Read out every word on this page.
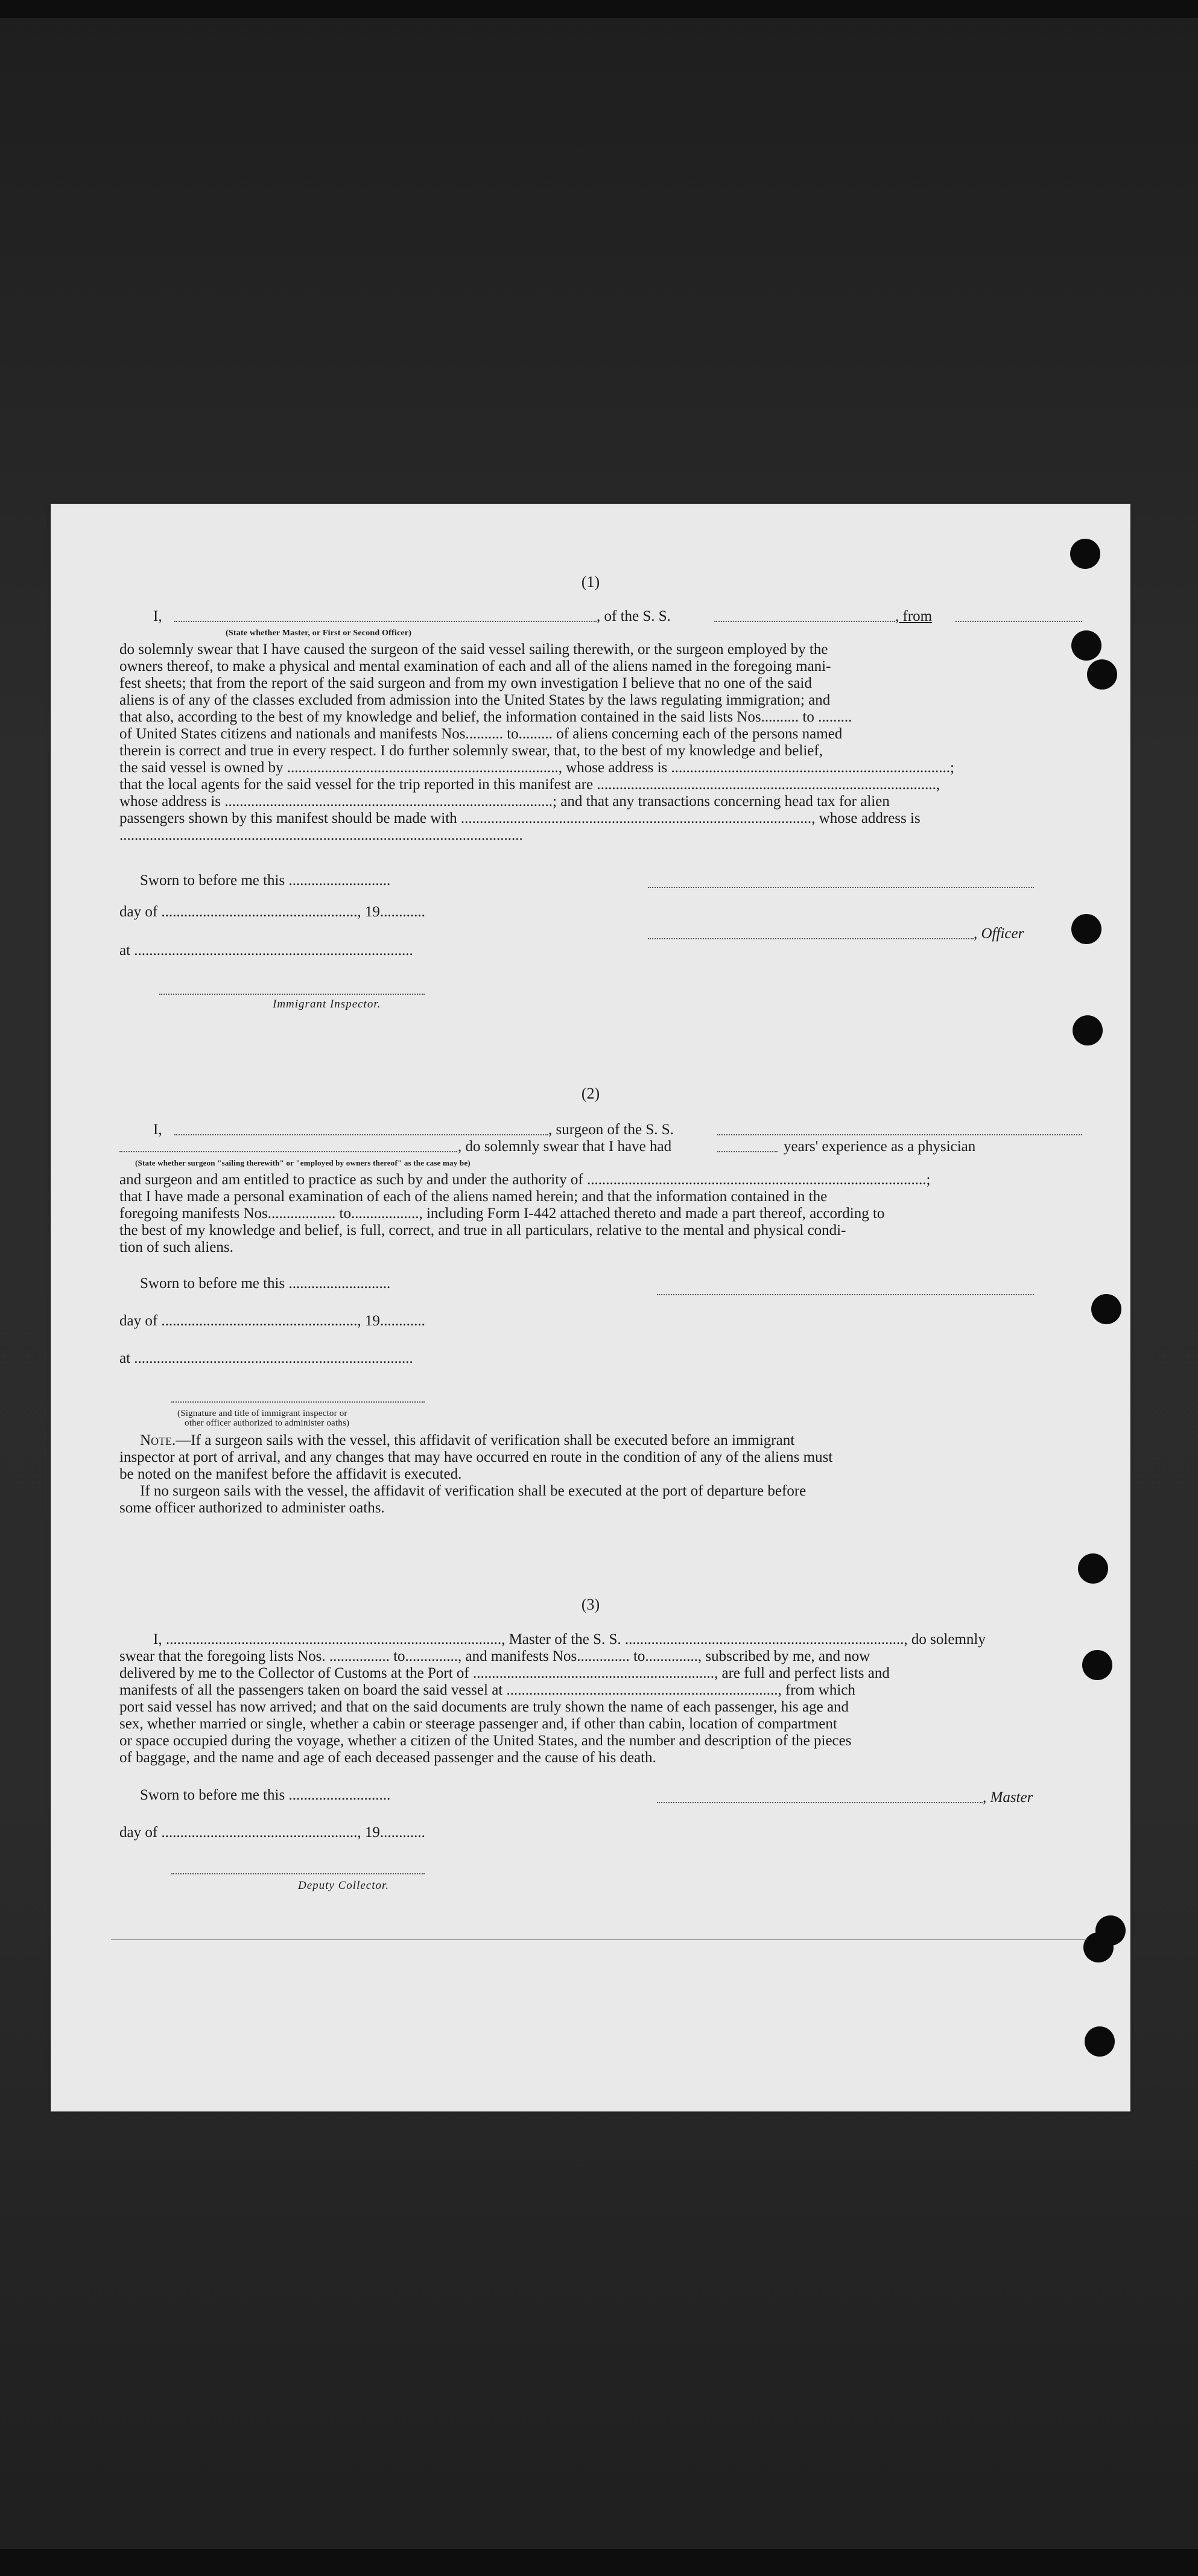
(1)
I,	, of the S. S.	, from
(State whether Master, or First or Second Officer)
do solemnly swear that I have caused the surgeon of the said vessel sailing therewith, or the surgeon employed by the
owners thereof, to make a physical and mental examination of each and all of the aliens named in the foregoing mani-
fest sheets; that from the report of the said surgeon and from my own investigation I believe that no one of the said
aliens is of any of the classes excluded from admission into the United States by the laws regulating immigration; and
that also, according to the best of my knowledge and belief, the information contained in the said lists Nos.......... to .........
of United States citizens and nationals and manifests Nos.......... to......... of aliens concerning each of the persons named
therein is correct and true in every respect. I do further solemnly swear, that, to the best of my knowledge and belief,
the said vessel is owned by ........................................................................, whose address is ..........................................................................;
that the local agents for the said vessel for the trip reported in this manifest are ..........................................................................................,
whose address is .......................................................................................; and that any transactions concerning head tax for alien
passengers shown by this manifest should be made with ............................................................................................., whose address is
...........................................................................................................
Sworn to before me this ...........................
day of ...................................................., 19............
, Officer
at ..........................................................................
Immigrant Inspector.
(2)
I,	, surgeon of the S. S.
, do solemnly swear that I have had	years' experience as a physician
(State whether surgeon "sailing therewith" or "employed by owners thereof" as the case may be)
and surgeon and am entitled to practice as such by and under the authority of ..........................................................................................;
that I have made a personal examination of each of the aliens named herein; and that the information contained in the
foregoing manifests Nos.................. to.................., including Form I-442 attached thereto and made a part thereof, according to
the best of my knowledge and belief, is full, correct, and true in all particulars, relative to the mental and physical condi-
tion of such aliens.
Sworn to before me this ...........................
day of ...................................................., 19............
at ..........................................................................
(Signature and title of immigrant inspector or
other officer authorized to administer oaths)
Note.—If a surgeon sails with the vessel, this affidavit of verification shall be executed before an immigrant
inspector at port of arrival, and any changes that may have occurred en route in the condition of any of the aliens must
be noted on the manifest before the affidavit is executed.
If no surgeon sails with the vessel, the affidavit of verification shall be executed at the port of departure before
some officer authorized to administer oaths.
(3)
I, ........................................................................................., Master of the S. S. .........................................................................., do solemnly
swear that the foregoing lists Nos. ................ to.............., and manifests Nos.............. to.............., subscribed by me, and now
delivered by me to the Collector of Customs at the Port of ................................................................, are full and perfect lists and
manifests of all the passengers taken on board the said vessel at ........................................................................, from which
port said vessel has now arrived; and that on the said documents are truly shown the name of each passenger, his age and
sex, whether married or single, whether a cabin or steerage passenger and, if other than cabin, location of compartment
or space occupied during the voyage, whether a citizen of the United States, and the number and description of the pieces
of baggage, and the name and age of each deceased passenger and the cause of his death.
Sworn to before me this ...........................	, Master
day of ...................................................., 19............
Deputy Collector.
